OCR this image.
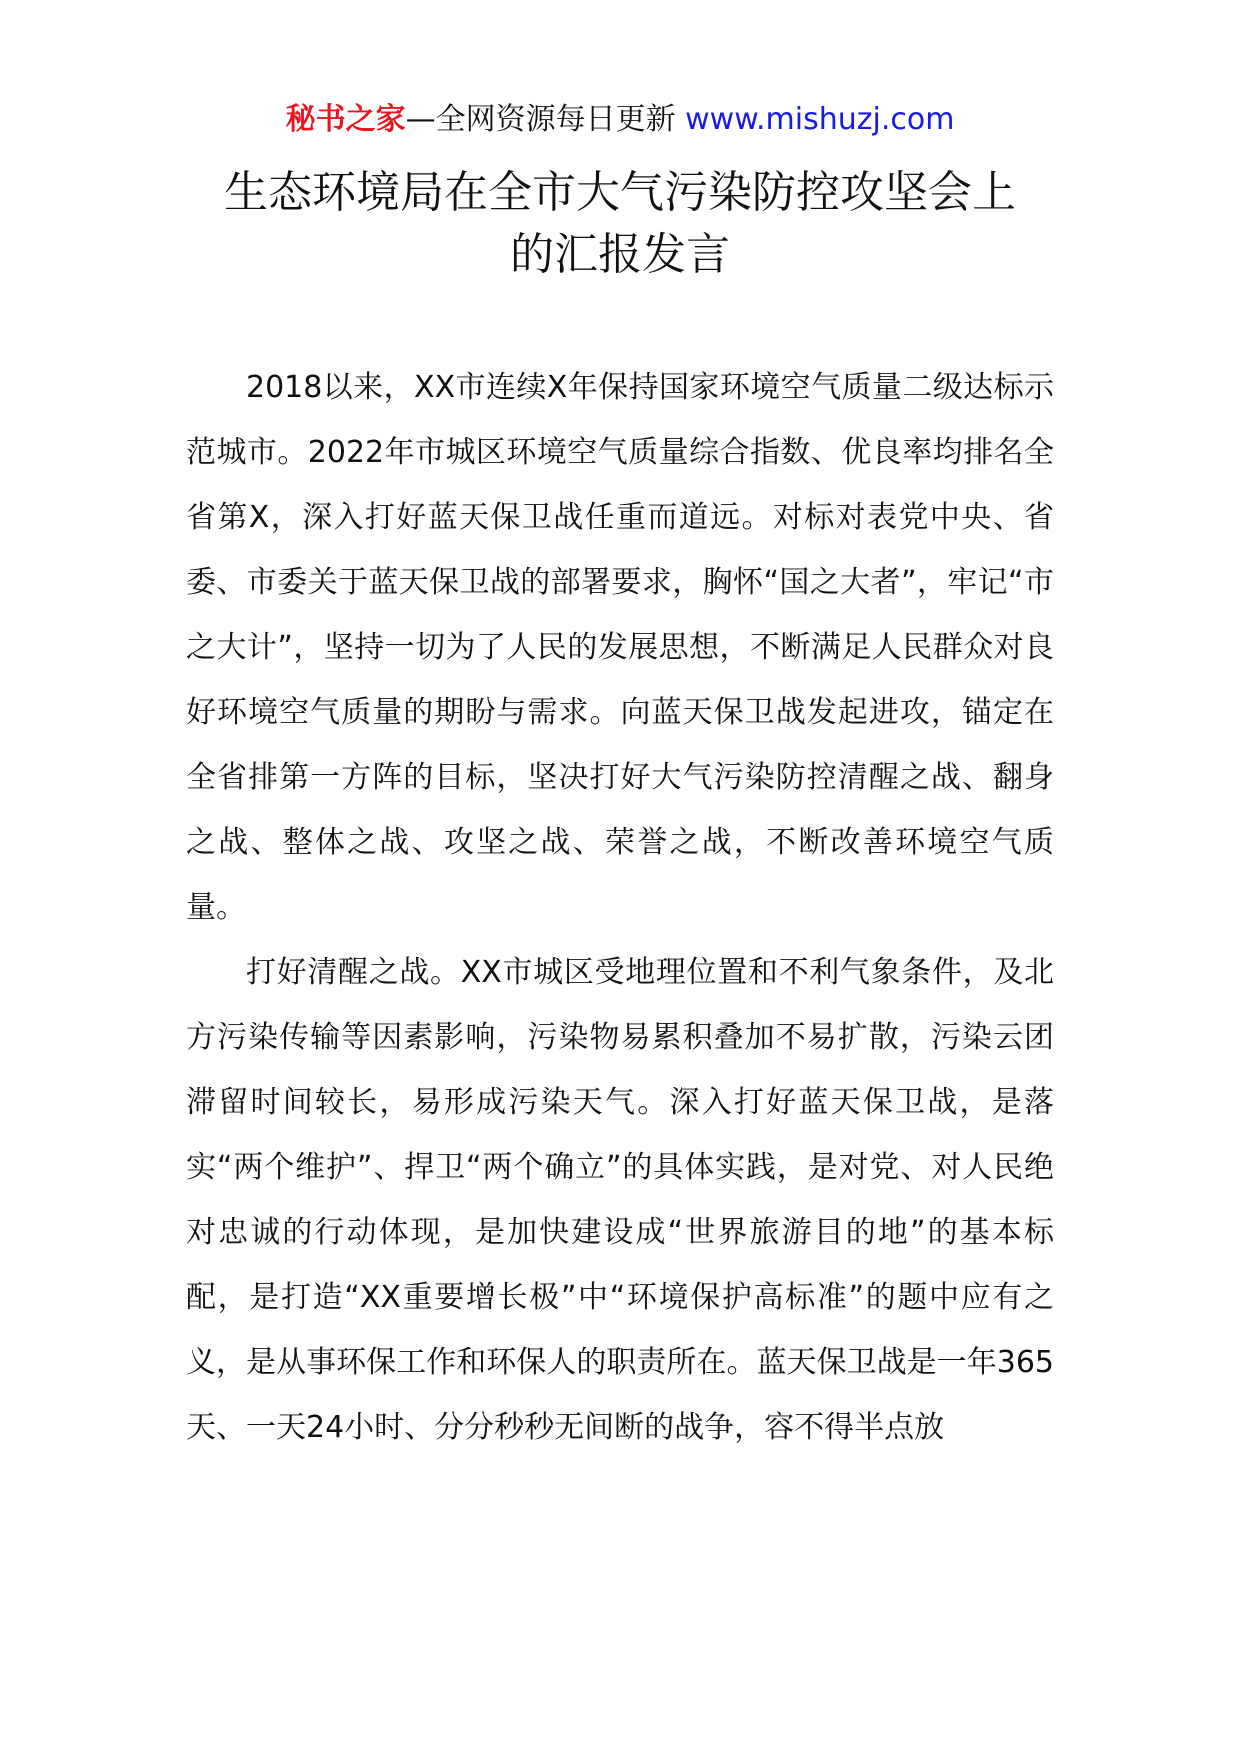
秘书之家—全网资源每日更新 www.mishuzj.com
生态环境局在全市大气污染防控攻坚会上
的汇报发言

2018以来，XX市连续X年保持国家环境空气质量二级达标示范城市。2022年市城区环境空气质量综合指数、优良率均排名全省第X，深入打好蓝天保卫战任重而道远。对标对表党中央、省委、市委关于蓝天保卫战的部署要求，胸怀“国之大者”，牢记“市之大计”，坚持一切为了人民的发展思想，不断满足人民群众对良好环境空气质量的期盼与需求。向蓝天保卫战发起进攻，锚定在全省排第一方阵的目标，坚决打好大气污染防控清醒之战、翻身之战、整体之战、攻坚之战、荣誉之战，不断改善环境空气质量。

打好清醒之战。XX市城区受地理位置和不利气象条件，及北方污染传输等因素影响，污染物易累积叠加不易扩散，污染云团滞留时间较长，易形成污染天气。深入打好蓝天保卫战，是落实“两个维护”、捍卫“两个确立”的具体实践，是对党、对人民绝对忠诚的行动体现，是加快建设成“世界旅游目的地”的基本标配，是打造“XX重要增长极”中“环境保护高标准”的题中应有之义，是从事环保工作和环保人的职责所在。蓝天保卫战是一年365天、一天24小时、分分秒秒无间断的战争，容不得半点放
